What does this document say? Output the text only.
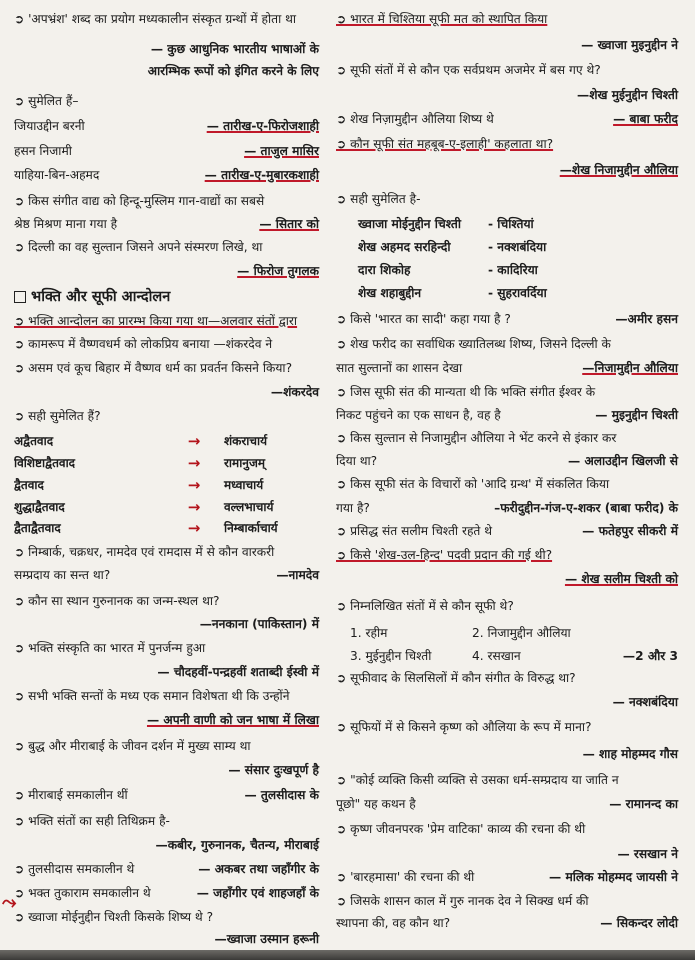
➲ 'अपभ्रंश' शब्द का प्रयोग मध्यकालीन संस्कृत ग्रन्थों में होता था
— कुछ आधुनिक भारतीय भाषाओं के
आरम्भिक रूपों को इंगित करने के लिए
➲ सुमेलित हैं–
जियाउद्दीन बरनी	— तारीख-ए-फिरोजशाही
हसन निजामी	— ताजुल मासिर
याहिया-बिन-अहमद	— तारीख-ए-मुबारकशाही
➲ किस संगीत वाद्य को हिन्दू-मुस्लिम गान-वाद्यों का सबसे
श्रेष्ठ मिश्रण माना गया है	— सितार को
➲ दिल्ली का वह सुल्तान जिसने अपने संस्मरण लिखे, था
— फिरोज तुगलक
भक्ति और सूफी आन्दोलन
➲ भक्ति आन्दोलन का प्रारम्भ किया गया था—अलवार संतों द्वारा
➲ कामरूप में वैष्णवधर्म को लोकप्रिय बनाया —शंकरदेव ने
➲ असम एवं कूच बिहार में वैष्णव धर्म का प्रवर्तन किसने किया?
—शंकरदेव
➲ सही सुमेलित हैं?
अद्वैतवाद	→	शंकराचार्य
विशिष्टाद्वैतवाद	→	रामानुजम्
द्वैतवाद	→	मध्वाचार्य
शुद्धाद्वैतवाद	→	वल्लभाचार्य
द्वैताद्वैतवाद	→	निम्बार्काचार्य
➲ निम्बार्क, चक्रधर, नामदेव एवं रामदास में से कौन वारकरी
सम्प्रदाय का सन्त था?	—नामदेव
➲ कौन सा स्थान गुरुनानक का जन्म-स्थल था?
—ननकाना (पाकिस्तान) में
➲ भक्ति संस्कृति का भारत में पुनर्जन्म हुआ
— चौदहवीं-पन्द्रहवीं शताब्दी ईस्वी में
➲ सभी भक्ति सन्तों के मध्य एक समान विशेषता थी कि उन्होंने
— अपनी वाणी को जन भाषा में लिखा
➲ बुद्ध और मीराबाई के जीवन दर्शन में मुख्य साम्य था
— संसार दुःखपूर्ण है
➲ मीराबाई समकालीन थीं	— तुलसीदास के
➲ भक्ति संतों का सही तिथिक्रम है-
—कबीर, गुरुनानक, चैतन्य, मीराबाई
➲ तुलसीदास समकालीन थे	— अकबर तथा जहाँगीर के
➲ भक्त तुकाराम समकालीन थे	— जहाँगीर एवं शाहजहाँ के
➲ ख्वाजा मोईनुद्दीन चिश्ती किसके शिष्य थे ?
—ख्वाजा उस्मान हरूनी
➲ भारत में चिश्तिया सूफी मत को स्थापित किया
— ख्वाजा मुइनुद्दीन ने
➲ सूफी संतों में से कौन एक सर्वप्रथम अजमेर में बस गए थे?
—शेख मुईनुद्दीन चिश्ती
➲ शेख निज़ामुद्दीन औलिया शिष्य थे	— बाबा फरीद
➲ कौन सूफी संत महबूब-ए-इलाही' कहलाता था?
—शेख निजामुद्दीन औलिया
➲ सही सुमेलित है-
ख्वाजा मोईनुद्दीन चिश्ती	- चिश्तियां
शेख अहमद सरहिन्दी	- नक्शबंदिया
दारा शिकोह	- कादिरिया
शेख शहाबुद्दीन	- सुहरावर्दिया
➲ किसे 'भारत का सादी' कहा गया है ?	—अमीर हसन
➲ शेख फरीद का सर्वाधिक ख्यातिलब्ध शिष्य, जिसने दिल्ली के
सात सुल्तानों का शासन देखा	—निजामुद्दीन औलिया
➲ जिस सूफी संत की मान्यता थी कि भक्ति संगीत ईश्वर के
निकट पहुंचने का एक साधन है, वह है	— मुइनुद्दीन चिश्ती
➲ किस सुल्तान से निजामुद्दीन औलिया ने भेंट करने से इंकार कर
दिया था?	— अलाउद्दीन खिलजी से
➲ किस सूफी संत के विचारों को 'आदि ग्रन्थ' में संकलित किया
गया है?	–फरीदुद्दीन-गंज-ए-शकर (बाबा फरीद) के
➲ प्रसिद्ध संत सलीम चिश्ती रहते थे	— फतेहपुर सीकरी में
➲ किसे 'शेख-उल-हिन्द' पदवी प्रदान की गई थी?
— शेख सलीम चिश्ती को
➲ निम्नलिखित संतों में से कौन सूफी थे?
1. रहीम	2. निजामुद्दीन औलिया
3. मुईनुद्दीन चिश्ती	4. रसखान	—2 और 3
➲ सूफीवाद के सिलसिलों में कौन संगीत के विरुद्ध था?
— नक्शबंदिया
➲ सूफियों में से किसने कृष्ण को औलिया के रूप में माना?
— शाह मोहम्मद गौस
➲ "कोई व्यक्ति किसी व्यक्ति से उसका धर्म-सम्प्रदाय या जाति न
पूछो" यह कथन है	— रामानन्द का
➲ कृष्ण जीवनपरक 'प्रेम वाटिका' काव्य की रचना की थी
— रसखान ने
➲ 'बारहमासा' की रचना की थी	— मलिक मोहम्मद जायसी ने
➲ जिसके शासन काल में गुरु नानक देव ने सिक्ख धर्म की
स्थापना की, वह कौन था?	— सिकन्दर लोदी
⤳
